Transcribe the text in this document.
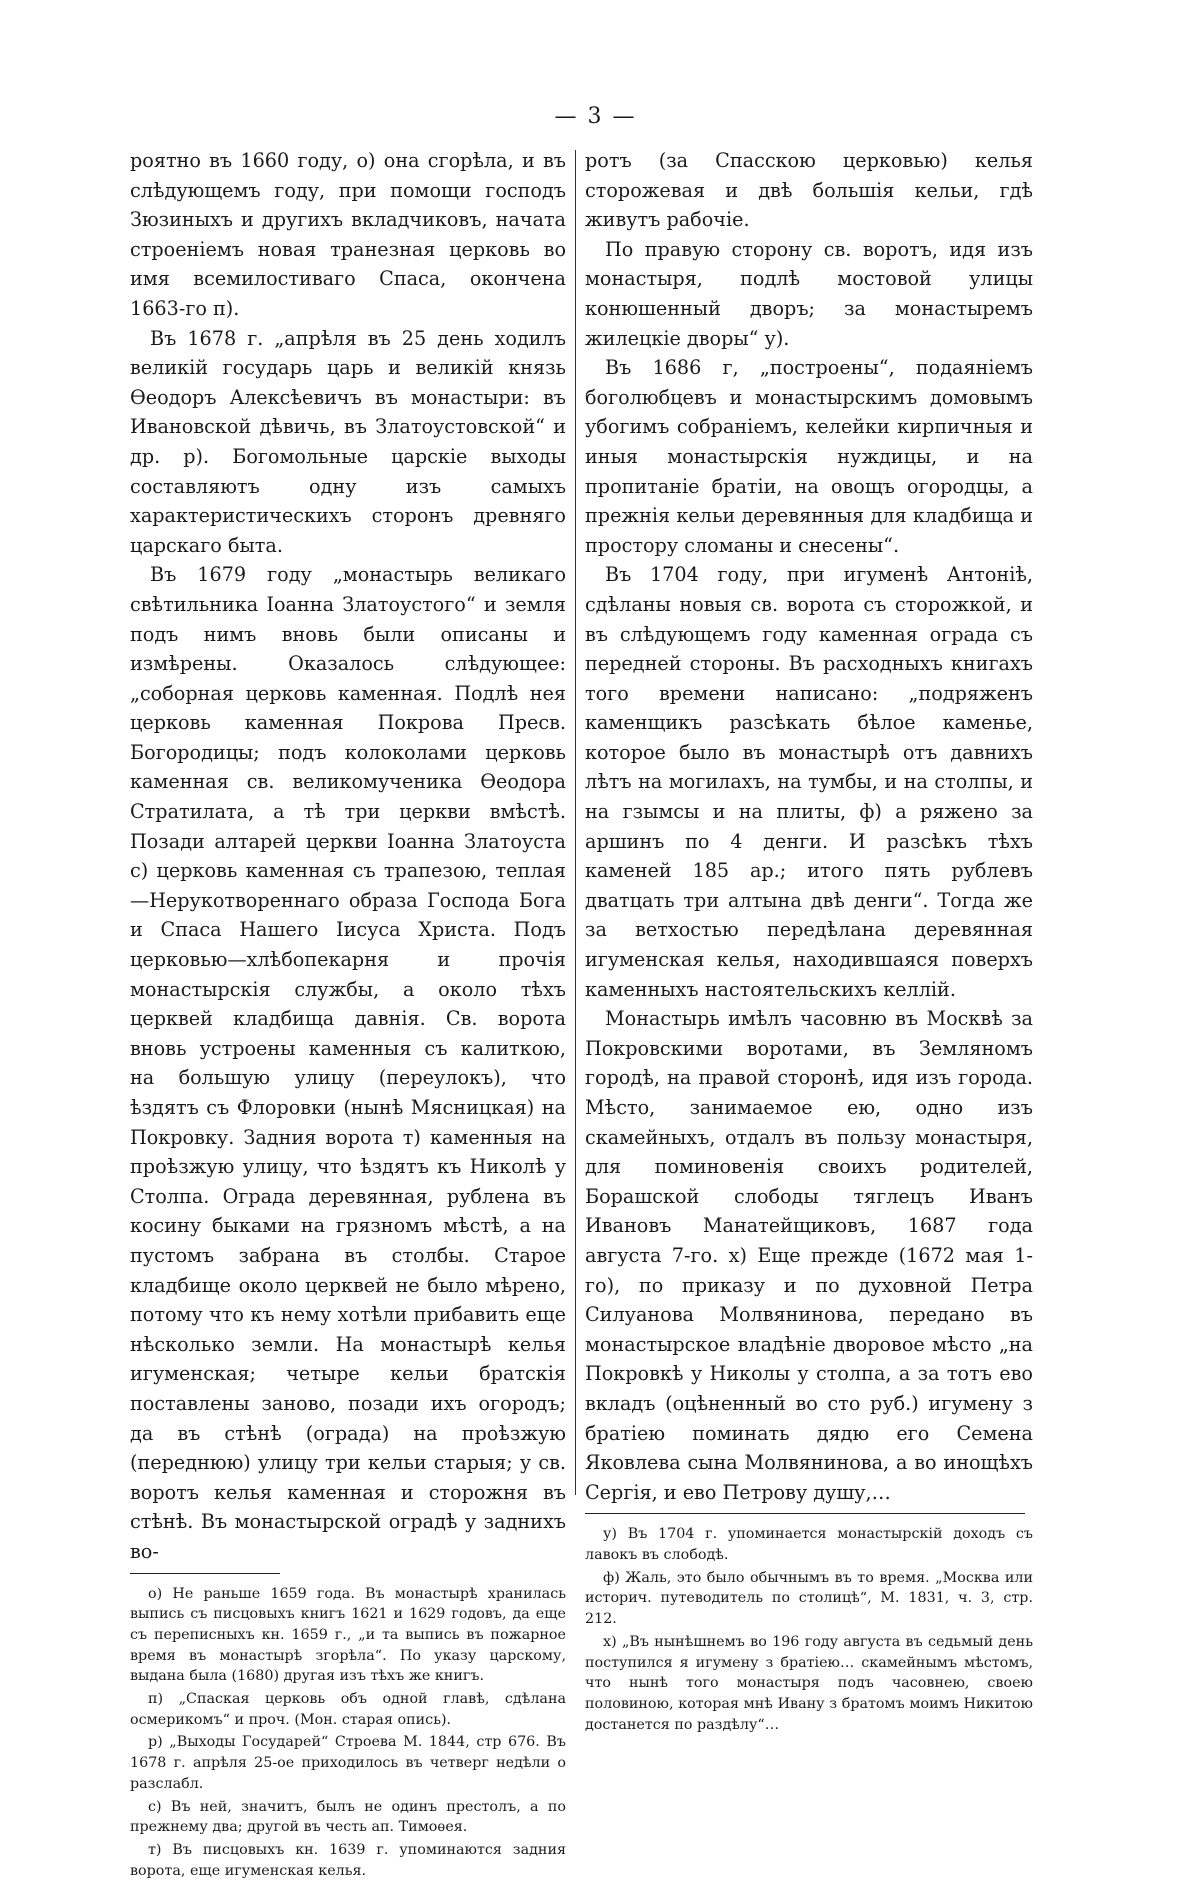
— 3 —

роятно въ 1660 году, о) она сгорѣла, и въ слѣдующемъ году, при помощи господъ Зюзиныхъ и другихъ вкладчиковъ, начата строеніемъ новая транезная церковь во имя всемилостиваго Спаса, окончена 1663-го п).

Въ 1678 г. „апрѣля въ 25 день ходилъ великій государь царь и великій князь Ѳеодоръ Алексѣевичъ въ монастыри: въ Ивановской дѣвичь, въ Златоустовской“ и др. р). Богомольные царскіе выходы составляютъ одну изъ самыхъ характеристическихъ сторонъ древняго царскаго быта.

Въ 1679 году „монастырь великаго свѣтильника Іоанна Златоустого“ и земля подъ нимъ вновь были описаны и измѣрены. Оказалось слѣдующее: „соборная церковь каменная. Подлѣ нея церковь каменная Покрова Пресв. Богородицы; подъ колоколами церковь каменная св. великомученика Ѳеодора Стратилата, а тѣ три церкви вмѣстѣ. Позади алтарей церкви Іоанна Златоуста с) церковь каменная съ трапезою, теплая—Нерукотвореннаго образа Господа Бога и Спаса Нашего Іисуса Христа. Подъ церковью—хлѣбопекарня и прочія монастырскія службы, а около тѣхъ церквей кладбища давнія. Св. ворота вновь устроены каменныя съ калиткою, на большую улицу (переулокъ), что ѣздятъ съ Флоровки (нынѣ Мясницкая) на Покровку. Задния ворота т) каменныя на проѣзжую улицу, что ѣздятъ къ Николѣ у Столпа. Ограда деревянная, рублена въ косину быками на грязномъ мѣстѣ, а на пустомъ забрана въ столбы. Старое кладбище около церквей не было мѣрено, потому что къ нему хотѣли прибавить еще нѣсколько земли. На монастырѣ келья игуменская; четыре кельи братскія поставлены заново, позади ихъ огородъ; да въ стѣнѣ (ограда) на проѣзжую (переднюю) улицу три кельи старыя; у св. воротъ келья каменная и сторожня въ стѣнѣ. Въ монастырской оградѣ у заднихъ во-

о) Не раньше 1659 года. Въ монастырѣ хранилась выпись съ писцовыхъ книгъ 1621 и 1629 годовъ, да еще съ переписныхъ кн. 1659 г., „и та выпись въ пожарное время въ монастырѣ згорѣла“. По указу царскому, выдана была (1680) другая изъ тѣхъ же книгъ.

п) „Спаская церковь объ одной главѣ, сдѣлана осмерикомъ“ и проч. (Мон. старая опись).

р) „Выходы Государей“ Строева М. 1844, стр 676. Въ 1678 г. апрѣля 25-ое приходилось въ четверг недѣли о разслабл.

с) Въ ней, значитъ, былъ не одинъ престолъ, а по прежнему два; другой въ честь ап. Тимоѳея.

т) Въ писцовыхъ кн. 1639 г. упоминаются задния ворота, еще игуменская келья.

ротъ (за Спасскою церковью) келья сторожевая и двѣ большія кельи, гдѣ живутъ рабочіе.

По правую сторону св. воротъ, идя изъ монастыря, подлѣ мостовой улицы конюшенный дворъ; за монастыремъ жилецкіе дворы“ у).

Въ 1686 г, „построены“, подаяніемъ боголюбцевъ и монастырскимъ домовымъ убогимъ собраніемъ, келейки кирпичныя и иныя монастырскія нуждицы, и на пропитаніе братіи, на овощъ огородцы, а прежнія кельи деревянныя для кладбища и простору сломаны и снесены“.

Въ 1704 году, при игуменѣ Антоніѣ, сдѣланы новыя св. ворота съ сторожкой, и въ слѣдующемъ году каменная ограда съ передней стороны. Въ расходныхъ книгахъ того времени написано: „подряженъ каменщикъ разсѣкать бѣлое каменье, которое было въ монастырѣ отъ давнихъ лѣтъ на могилахъ, на тумбы, и на столпы, и на гзымсы и на плиты, ф) а ряжено за аршинъ по 4 денги. И разсѣкъ тѣхъ каменей 185 ар.; итого пять рублевъ дватцать три алтына двѣ денги“. Тогда же за ветхостью передѣлана деревянная игуменская келья, находившаяся поверхъ каменныхъ настоятельскихъ келлій.

Монастырь имѣлъ часовню въ Москвѣ за Покровскими воротами, въ Земляномъ городѣ, на правой сторонѣ, идя изъ города. Мѣсто, занимаемое ею, одно изъ скамейныхъ, отдалъ въ пользу монастыря, для поминовенія своихъ родителей, Борашской слободы тяглецъ Иванъ Ивановъ Манатейщиковъ, 1687 года августа 7-го. х) Еще прежде (1672 мая 1-го), по приказу и по духовной Петра Силуанова Молвянинова, передано въ монастырское владѣніе дворовое мѣсто „на Покровкѣ у Николы у столпа, а за тотъ ево вкладъ (оцѣненный во сто руб.) игумену з братіею поминать дядю его Семена Яковлева сына Молвянинова, а во инощѣхъ Сергія, и ево Петрову душу,…

у) Въ 1704 г. упоминается монастырскій доходъ съ лавокъ въ слободѣ.

ф) Жаль, это было обычнымъ въ то время. „Москва или историч. путеводитель по столицѣ“, М. 1831, ч. 3, стр. 212.

х) „Въ нынѣшнемъ во 196 году августа въ седьмый день поступился я игумену з братіею… скамейнымъ мѣстомъ, что нынѣ того монастыря подъ часовнею, своею половиною, которая мнѣ Ивану з братомъ моимъ Никитою достанется по раздѣлу“…
